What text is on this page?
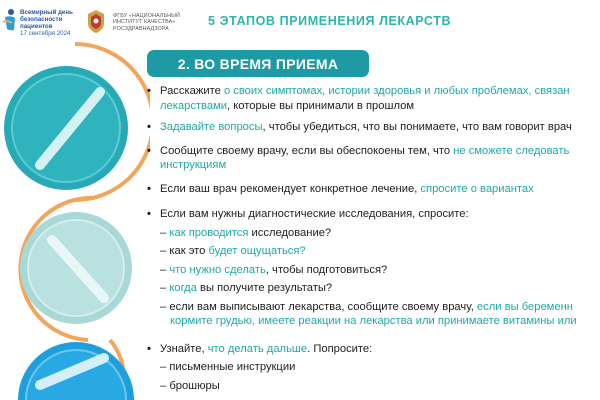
Всемирный день
безопасности
пациентов
17 сентября 2024
ФГБУ «НАЦИОНАЛЬНЫЙ
ИНСТИТУТ КАЧЕСТВА»
РОСЗДРАВНАДЗОРА
5 ЭТАПОВ ПРИМЕНЕНИЯ ЛЕКАРСТВ
2. ВО ВРЕМЯ ПРИЕМА
• Расскажите о своих симптомах, истории здоровья и любых проблемах, связан
лекарствами, которые вы принимали в прошлом
• Задавайте вопросы, чтобы убедиться, что вы понимаете, что вам говорит врач
• Сообщите своему врачу, если вы обеспокоены тем, что не сможете следовать
инструкциям
• Если ваш врач рекомендует конкретное лечение, спросите о вариантах
• Если вам нужны диагностические исследования, спросите:
– как проводится исследование?
– как это будет ощущаться?
– что нужно сделать, чтобы подготовиться?
– когда вы получите результаты?
– если вам выписывают лекарства, сообщите своему врачу, если вы беременн
кормите грудью, имеете реакции на лекарства или принимаете витамины или
• Узнайте, что делать дальше. Попросите:
– письменные инструкции
– брошюры
